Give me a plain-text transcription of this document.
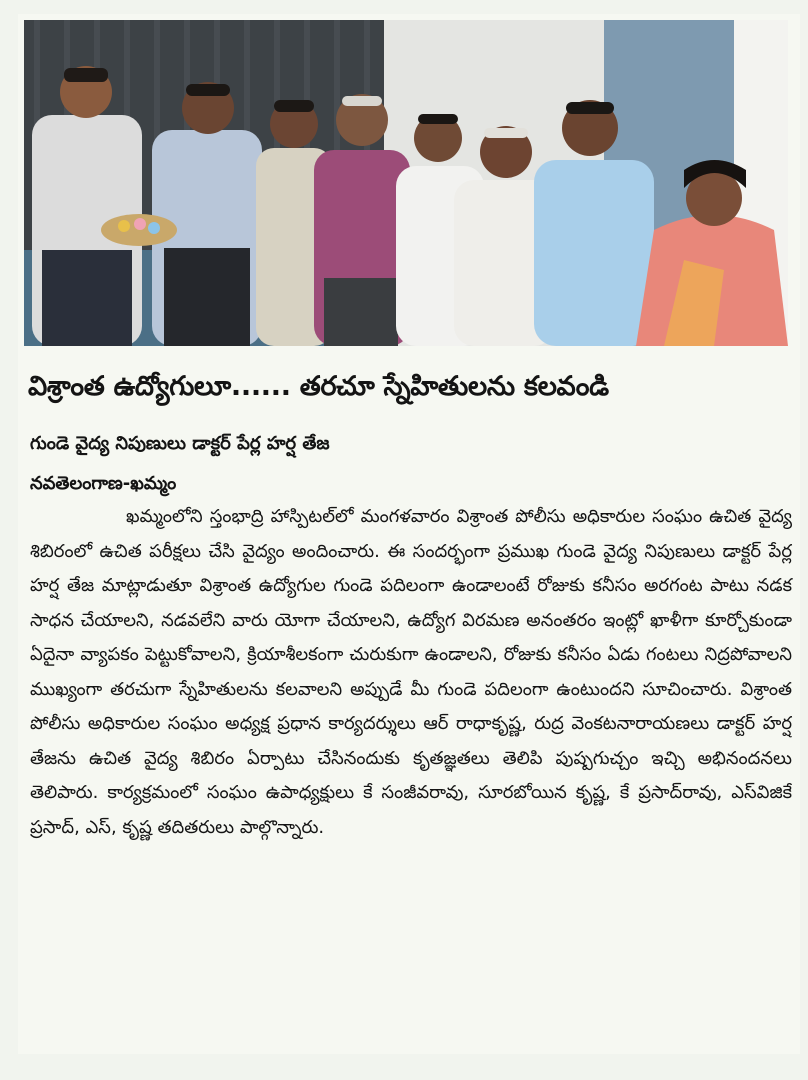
విశ్రాంత ఉద్యోగులూ...... తరచూ స్నేహితులను కలవండి
గుండె వైద్య నిపుణులు డాక్టర్ పేర్ల హర్ష తేజ
నవతెలంగాణ-ఖమ్మం

ఖమ్మంలోని స్తంభాద్రి హాస్పిటల్‌లో మంగళవారం విశ్రాంత పోలీసు అధికారుల సంఘం ఉచిత వైద్య శిబిరంలో ఉచిత పరీక్షలు చేసి వైద్యం అందించారు. ఈ సందర్భంగా ప్రముఖ గుండె వైద్య నిపుణులు డాక్టర్ పేర్ల హర్ష తేజ మాట్లాడుతూ విశ్రాంత ఉద్యోగుల గుండె పదిలంగా ఉండాలంటే రోజుకు కనీసం అరగంట పాటు నడక సాధన చేయాలని, నడవలేని వారు యోగా చేయాలని, ఉద్యోగ విరమణ అనంతరం ఇంట్లో ఖాళీగా కూర్చోకుండా ఏదైనా వ్యాపకం పెట్టుకోవాలని, క్రియాశీలకంగా చురుకుగా ఉండాలని, రోజుకు కనీసం ఏడు గంటలు నిద్రపోవాలని ముఖ్యంగా తరచుగా స్నేహితులను కలవాలని అప్పుడే మీ గుండె పదిలంగా ఉంటుందని సూచించారు. విశ్రాంత పోలీసు అధికారుల సంఘం అధ్యక్ష ప్రధాన కార్యదర్శులు ఆర్ రాధాకృష్ణ, రుద్ర వెంకటనారాయణలు డాక్టర్ హర్ష తేజను ఉచిత వైద్య శిబిరం ఏర్పాటు చేసినందుకు కృతజ్ఞతలు తెలిపి పుష్పగుచ్చం ఇచ్చి అభినందనలు తెలిపారు. కార్యక్రమంలో సంఘం ఉపాధ్యక్షులు కే సంజీవరావు, సూరబోయిన కృష్ణ, కే ప్రసాద్‌రావు, ఎస్‌విజికే ప్రసాద్, ఎస్, కృష్ణ తదితరులు పాల్గొన్నారు.
